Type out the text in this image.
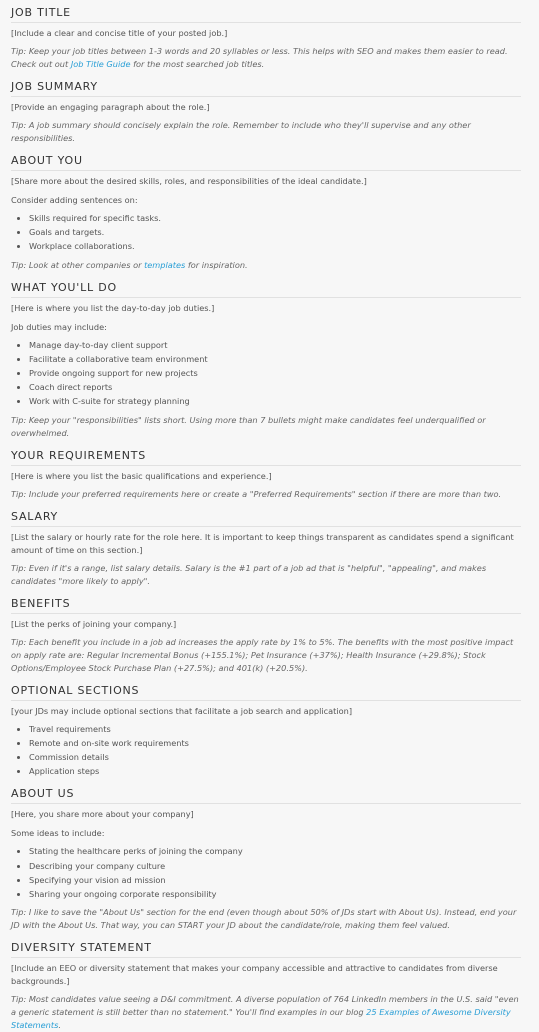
JOB TITLE

[Include a clear and concise title of your posted job.]

Tip: Keep your job titles between 1-3 words and 20 syllables or less. This helps with SEO and makes them easier to read. Check out out Job Title Guide for the most searched job titles.

JOB SUMMARY

[Provide an engaging paragraph about the role.]

Tip: A job summary should concisely explain the role. Remember to include who they'll supervise and any other responsibilities.

ABOUT YOU

[Share more about the desired skills, roles, and responsibilities of the ideal candidate.]

Consider adding sentences on:

• Skills required for specific tasks.
• Goals and targets.
• Workplace collaborations.

Tip: Look at other companies or templates for inspiration.

WHAT YOU'LL DO

[Here is where you list the day-to-day job duties.]

Job duties may include:

• Manage day-to-day client support
• Facilitate a collaborative team environment
• Provide ongoing support for new projects
• Coach direct reports
• Work with C-suite for strategy planning

Tip: Keep your "responsibilities" lists short. Using more than 7 bullets might make candidates feel underqualified or overwhelmed.

YOUR REQUIREMENTS

[Here is where you list the basic qualifications and experience.]

Tip: Include your preferred requirements here or create a "Preferred Requirements" section if there are more than two.

SALARY

[List the salary or hourly rate for the role here. It is important to keep things transparent as candidates spend a significant amount of time on this section.]

Tip: Even if it's a range, list salary details. Salary is the #1 part of a job ad that is "helpful", "appealing", and makes candidates "more likely to apply".

BENEFITS

[List the perks of joining your company.]

Tip: Each benefit you include in a job ad increases the apply rate by 1% to 5%. The benefits with the most positive impact on apply rate are: Regular Incremental Bonus (+155.1%); Pet Insurance (+37%); Health Insurance (+29.8%); Stock Options/Employee Stock Purchase Plan (+27.5%); and 401(k) (+20.5%).

OPTIONAL SECTIONS

[your JDs may include optional sections that facilitate a job search and application]

• Travel requirements
• Remote and on-site work requirements
• Commission details
• Application steps
ABOUT US

[Here, you share more about your company]

Some ideas to include:

• Stating the healthcare perks of joining the company
• Describing your company culture
• Specifying your vision ad mission
• Sharing your ongoing corporate responsibility

Tip: I like to save the "About Us" section for the end (even though about 50% of JDs start with About Us). Instead, end your JD with the About Us. That way, you can START your JD about the candidate/role, making them feel valued.

DIVERSITY STATEMENT

[Include an EEO or diversity statement that makes your company accessible and attractive to candidates from diverse backgrounds.]

Tip: Most candidates value seeing a D&I commitment. A diverse population of 764 LinkedIn members in the U.S. said "even a generic statement is still better than no statement." You'll find examples in our blog 25 Examples of Awesome Diversity Statements.
